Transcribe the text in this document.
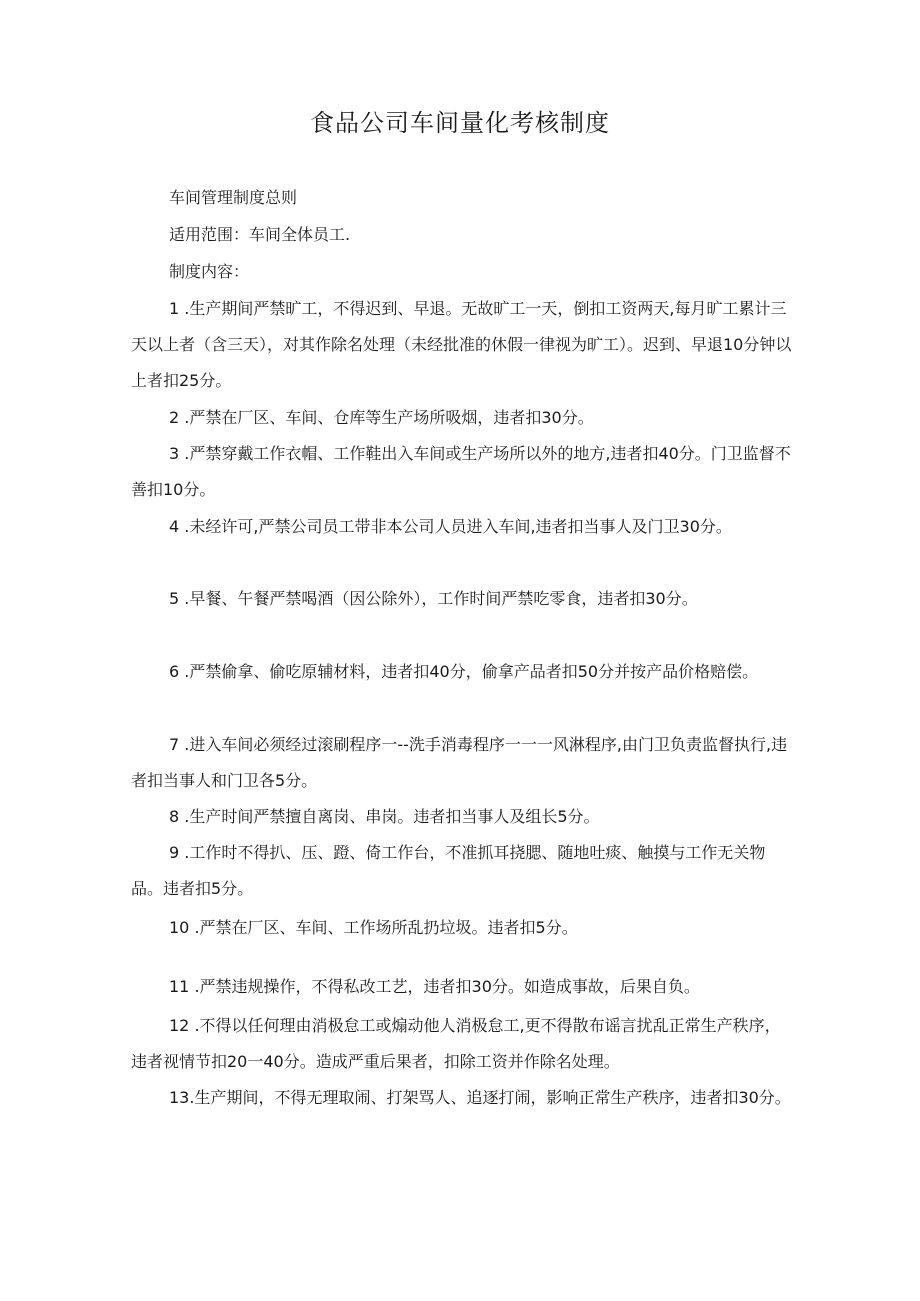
食品公司车间量化考核制度

车间管理制度总则

适用范围：车间全体员工.

制度内容：

1 .生产期间严禁旷工，不得迟到、早退。无故旷工一天，倒扣工资两天,每月旷工累计三天以上者（含三天），对其作除名处理（未经批准的休假一律视为旷工）。迟到、早退10分钟以上者扣25分。

2 .严禁在厂区、车间、仓库等生产场所吸烟，违者扣30分。

3 .严禁穿戴工作衣帽、工作鞋出入车间或生产场所以外的地方,违者扣40分。门卫监督不善扣10分。

4 .未经许可,严禁公司员工带非本公司人员进入车间,违者扣当事人及门卫30分。

5 .早餐、午餐严禁喝酒（因公除外），工作时间严禁吃零食，违者扣30分。

6 .严禁偷拿、偷吃原辅材料，违者扣40分，偷拿产品者扣50分并按产品价格赔偿。

7 .进入车间必须经过滚刷程序一--洗手消毒程序一一一风淋程序,由门卫负责监督执行,违者扣当事人和门卫各5分。

8 .生产时间严禁擅自离岗、串岗。违者扣当事人及组长5分。

9 .工作时不得扒、压、蹬、倚工作台，不准抓耳挠腮、随地吐痰、触摸与工作无关物品。违者扣5分。

10 .严禁在厂区、车间、工作场所乱扔垃圾。违者扣5分。

11 .严禁违规操作，不得私改工艺，违者扣30分。如造成事故，后果自负。

12 .不得以任何理由消极怠工或煽动他人消极怠工,更不得散布谣言扰乱正常生产秩序，违者视情节扣20一40分。造成严重后果者，扣除工资并作除名处理。

13.生产期间，不得无理取闹、打架骂人、追逐打闹，影响正常生产秩序，违者扣30分。
